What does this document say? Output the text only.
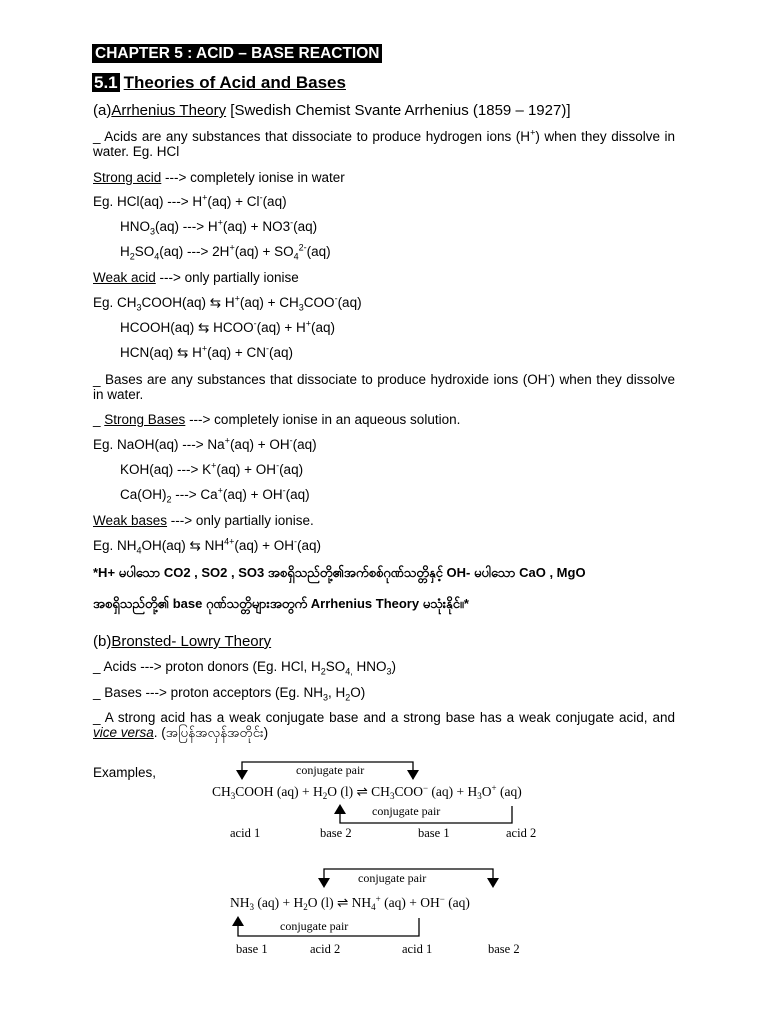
CHAPTER 5 : ACID – BASE REACTION
5.1 Theories of Acid and Bases
(a)Arrhenius Theory [Swedish Chemist Svante Arrhenius (1859 – 1927)]
_ Acids are any substances that dissociate to produce hydrogen ions (H+) when they dissolve in water. Eg. HCl
Strong acid ---> completely ionise in water
Eg. HCl(aq) ---> H+(aq) + Cl-(aq)
$HNO_3(aq)$ ---> H+(aq) + NO3-(aq)
$H_2SO_4(aq)$ ---> $2H^+(aq) + SO_4^{2-}(aq)$
Weak acid ---> only partially ionise
Eg. $CH_3COOH(aq)$ ⇆ $H^+(aq) + CH_3COO^-(aq)$
HCOOH(aq) ⇆ HCOO-(aq) + H+(aq)
HCN(aq) ⇆ H+(aq) + CN-(aq)
_ Bases are any substances that dissociate to produce hydroxide ions (OH-) when they dissolve in water.
_ Strong Bases ---> completely ionise in an aqueous solution.
Eg. NaOH(aq) ---> Na+(aq) + OH-(aq)
KOH(aq) ---> K+(aq) + OH-(aq)
$Ca(OH)_2$ ---> Ca+(aq) + OH-(aq)
Weak bases ---> only partially ionise.
Eg. $NH_4OH(aq)$ ⇆ $NH^{4+}(aq) + OH^-(aq)$
*H+ မပါသော CO2 , SO2 , SO3 အစရှိသည်တို့၏အက်စစ်ဂုဏ်သတ္တိနှင့် OH- မပါသော CaO , MgO
အစရှိသည်တို့၏ base ဂုဏ်သတ္တိများအတွက် Arrhenius Theory မသုံးနိုင်။*
(b)Bronsted- Lowry Theory
_ Acids ---> proton donors (Eg. HCl, $H_2SO_{4,}$ $HNO_3$)
_ Bases ---> proton acceptors (Eg. $NH_3$, $H_2O$)
_ A strong acid has a weak conjugate base and a strong base has a weak conjugate acid, and vice versa. (အပြန်အလှန်အတိုင်း)
Examples,	conjugate pair
$CH_3COOH$ $(aq) + H_2O$ (l) ⇌ $CH_3COO^-$ $(aq) + H_3O^+$ (aq)
conjugate pair
acid 1	base 2	base 1	acid 2
conjugate pair
$NH_3$ $(aq) + H_2O$ (l) ⇌ $NH_4^+$ (aq) + OH− (aq)
conjugate pair
base 1	acid 2	acid 1	base 2
